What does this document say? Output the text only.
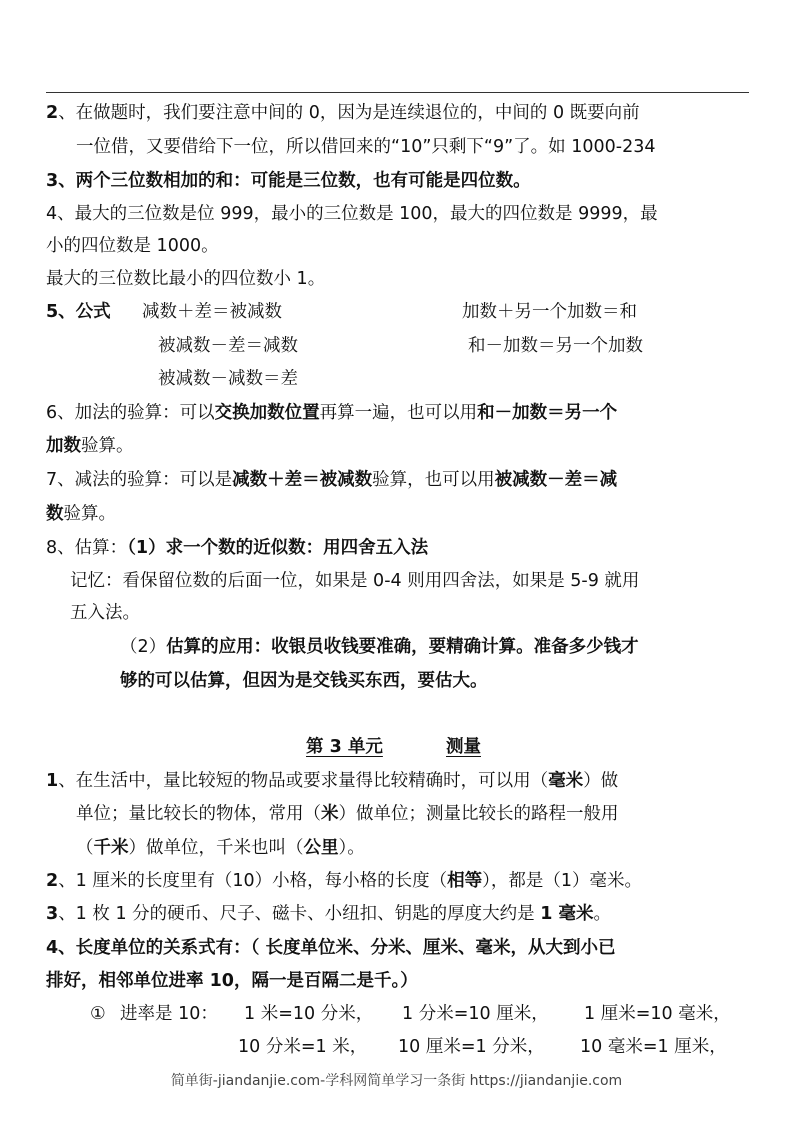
2、在做题时，我们要注意中间的 0，因为是连续退位的，中间的 0 既要向前
一位借，又要借给下一位，所以借回来的“10”只剩下“9”了。如 1000-234
3、两个三位数相加的和：可能是三位数，也有可能是四位数。
4、最大的三位数是位 999，最小的三位数是 100，最大的四位数是 9999，最
小的四位数是 1000。
最大的三位数比最小的四位数小 1。
5、公式 减数＋差＝被减数	加数＋另一个加数＝和
被减数－差＝减数	和－加数＝另一个加数
被减数－减数＝差
6、加法的验算：可以交换加数位置再算一遍，也可以用和－加数＝另一个
加数验算。
7、减法的验算：可以是减数＋差＝被减数验算，也可以用被减数－差＝减
数验算。
8、估算：（1）求一个数的近似数：用四舍五入法
记忆：看保留位数的后面一位，如果是 0-4 则用四舍法，如果是 5-9 就用
五入法。
（2）估算的应用：收银员收钱要准确，要精确计算。准备多少钱才
够的可以估算，但因为是交钱买东西，要估大。
第 3 单元	测量
1、在生活中，量比较短的物品或要求量得比较精确时，可以用（毫米）做
单位；量比较长的物体，常用（米）做单位；测量比较长的路程一般用
（千米）做单位，千米也叫（公里）。
2、1 厘米的长度里有（10）小格，每小格的长度（相等），都是（1）毫米。
3、1 枚 1 分的硬币、尺子、磁卡、小纽扣、钥匙的厚度大约是 1 毫米。
4、长度单位的关系式有：（ 长度单位米、分米、厘米、毫米，从大到小已
排好，相邻单位进率 10，隔一是百隔二是千。）
① 进率是 10： 1 米=10 分米， 1 分米=10 厘米， 1 厘米=10 毫米，
10 分米=1 米， 10 厘米=1 分米， 10 毫米=1 厘米，
简单街-jiandanjie.com-学科网简单学习一条街 https://jiandanjie.com
